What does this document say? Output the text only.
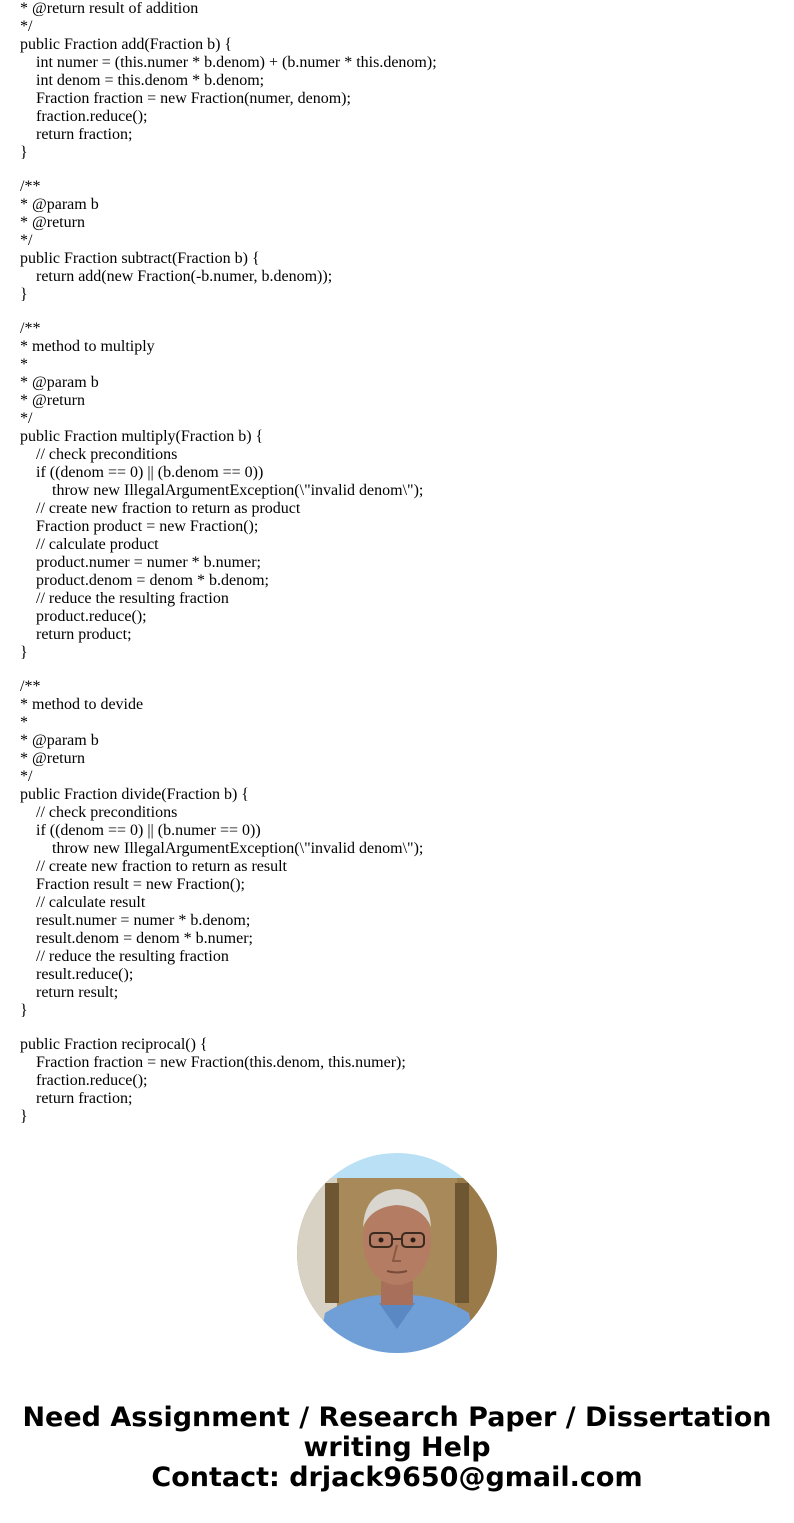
* @return result of addition
*/
public Fraction add(Fraction b) {
int numer = (this.numer * b.denom) + (b.numer * this.denom);
int denom = this.denom * b.denom;
Fraction fraction = new Fraction(numer, denom);
fraction.reduce();
return fraction;
}
/**
* @param b
* @return
*/
public Fraction subtract(Fraction b) {
return add(new Fraction(-b.numer, b.denom));
}
/**
* method to multiply
*
* @param b
* @return
*/
public Fraction multiply(Fraction b) {
// check preconditions
if ((denom == 0) || (b.denom == 0))
throw new IllegalArgumentException(\"invalid denom\");
// create new fraction to return as product
Fraction product = new Fraction();
// calculate product
product.numer = numer * b.numer;
product.denom = denom * b.denom;
// reduce the resulting fraction
product.reduce();
return product;
}
/**
* method to devide
*
* @param b
* @return
*/
public Fraction divide(Fraction b) {
// check preconditions
if ((denom == 0) || (b.numer == 0))
throw new IllegalArgumentException(\"invalid denom\");
// create new fraction to return as result
Fraction result = new Fraction();
// calculate result
result.numer = numer * b.denom;
result.denom = denom * b.numer;
// reduce the resulting fraction
result.reduce();
return result;
}
public Fraction reciprocal() {
Fraction fraction = new Fraction(this.denom, this.numer);
fraction.reduce();
return fraction;
}
Need Assignment / Research Paper / Dissertation
writing Help
Contact: drjack9650@gmail.com
